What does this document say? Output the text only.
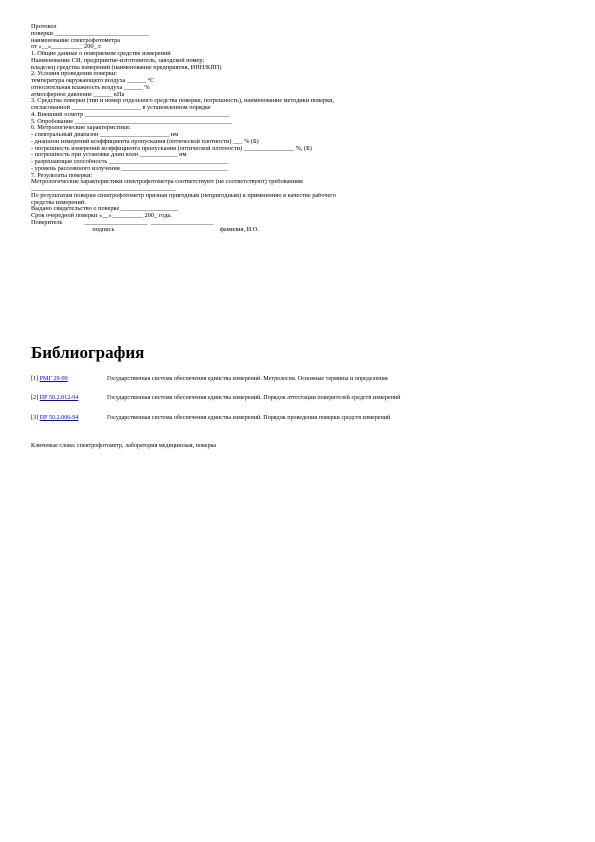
Протокол
поверки ______________________________
наименование спектрофотометра
от «__»__________ 200_ г.
1. Общие данные о поверяемом средстве измерений
Наименование СИ, предприятие-изготовитель, заводской номер;
владелец средства измерений (наименование предприятия, ИНН/КПП)
2. Условия проведения поверки:
температура окружающего воздуха ______ °С
относительная влажность воздуха ______ %
атмосферное давление ______ кПа
3. Средства поверки (тип и номер отдельного средства поверки, погрешность), наименование методики поверки,
согласованной ______________________ в установленном порядке
4. Внешний осмотр ______________________________________________
5. Опробование __________________________________________________
6. Метрологические характеристики:
- спектральный диапазон ______________________ нм
- диапазон измерений коэффициента пропускания (оптической плотности) ___ % (Б)
- погрешность измерений коэффициента пропускания (оптической плотности) ________________ %, (Б)
- погрешность при установке длин волн ____________ нм
- разрешающая способность ______________________________________
- уровень рассеянного излучения __________________________________
7. Результаты поверки:
Метрологические характеристики спектрофотометра соответствуют (не соответствуют) требованиям
______________________________________________
По результатам поверки спектрофотометр признан пригодным (непригодным) к применению в качестве рабочего
средства измерений.
Выдано свидетельство о поверке __________________
Срок очередной поверки «__»__________ 200_ года.
Поверитель              ____________________  ____________________
подпись                                                                   фамилия, И.О.
Библиография
[1] РМГ 29-99	Государственная система обеспечения единства измерений. Метрология. Основные термины и определения
[2] ПР 50.2.012-94	Государственная система обеспечения единства измерений. Порядок аттестации поверителей средств измерений
[3] ПР 50.2.006-94	Государственная система обеспечения единства измерений. Порядок проведения поверки средств измерений
Ключевые слова: спектрофотометр, лаборатория медицинская, поверка
